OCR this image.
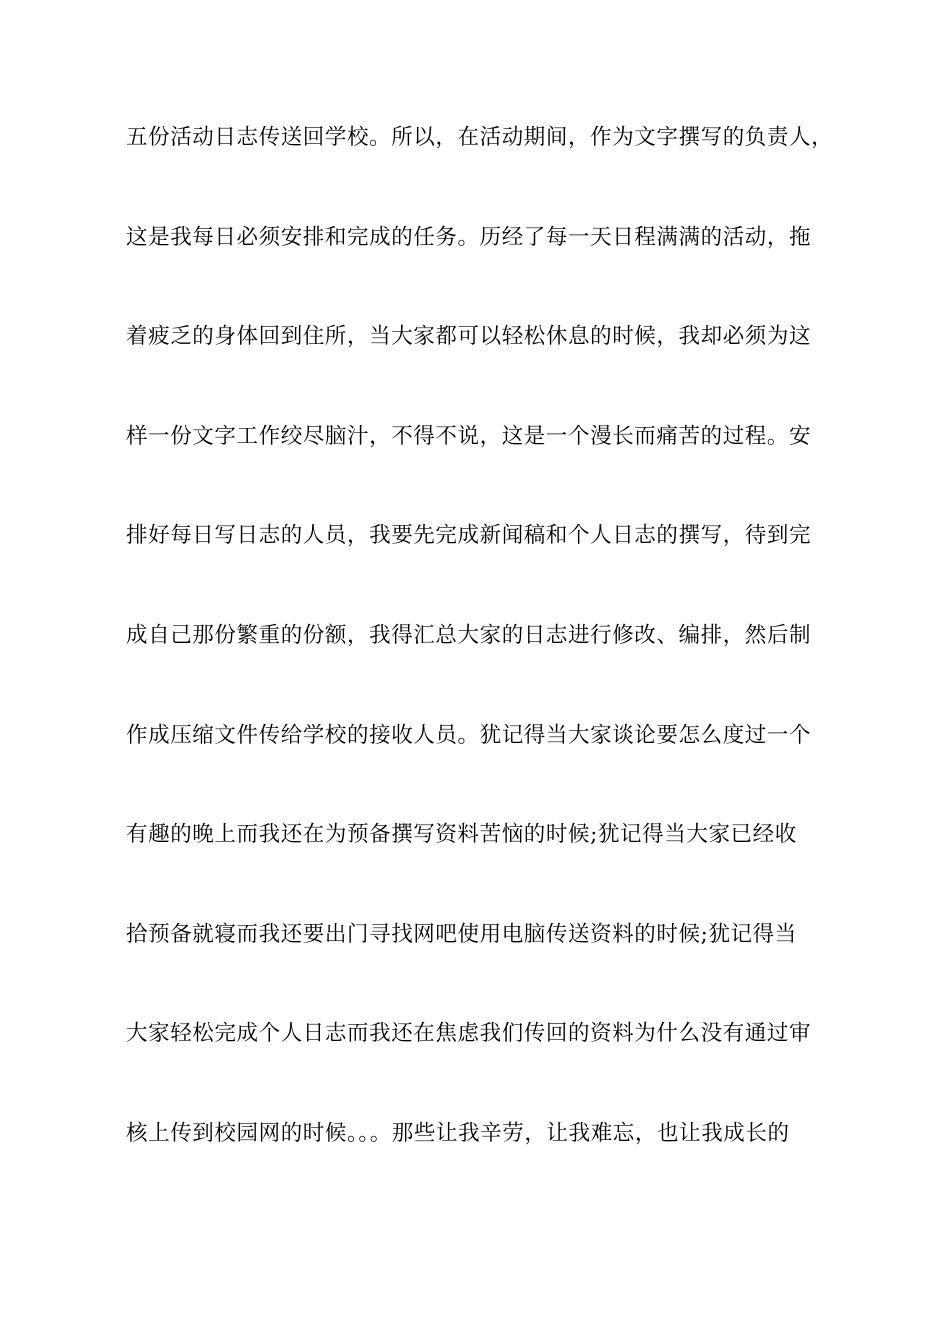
五份活动日志传送回学校。所以，在活动期间，作为文字撰写的负责人，
这是我每日必须安排和完成的任务。历经了每一天日程满满的活动，拖
着疲乏的身体回到住所，当大家都可以轻松休息的时候，我却必须为这
样一份文字工作绞尽脑汁，不得不说，这是一个漫长而痛苦的过程。安
排好每日写日志的人员，我要先完成新闻稿和个人日志的撰写，待到完
成自己那份繁重的份额，我得汇总大家的日志进行修改、编排，然后制
作成压缩文件传给学校的接收人员。犹记得当大家谈论要怎么度过一个
有趣的晚上而我还在为预备撰写资料苦恼的时候;犹记得当大家已经收
拾预备就寝而我还要出门寻找网吧使用电脑传送资料的时候;犹记得当
大家轻松完成个人日志而我还在焦虑我们传回的资料为什么没有通过审
核上传到校园网的时候。。。那些让我辛劳，让我难忘，也让我成长的
